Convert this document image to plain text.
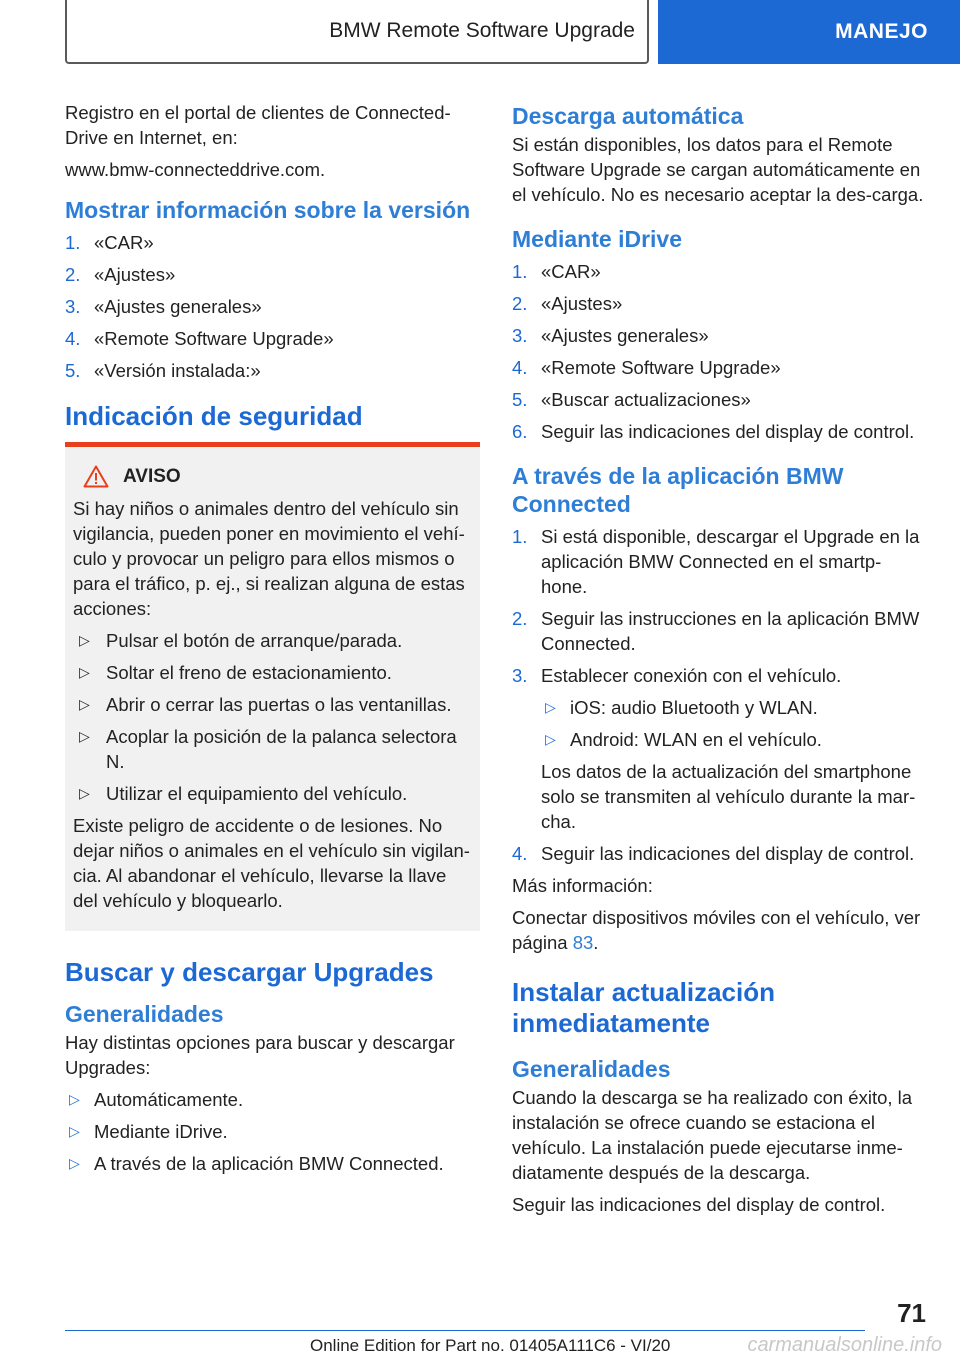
BMW Remote Software Upgrade	MANEJO

Registro en el portal de clientes de Connected-Drive en Internet, en:

www.bmw-connecteddrive.com.

Mostrar información sobre la versión
1. «CAR»
2. «Ajustes»
3. «Ajustes generales»
4. «Remote Software Upgrade»
5. «Versión instalada:»
Indicación de seguridad
AVISO

Si hay niños o animales dentro del vehículo sin vigilancia, pueden poner en movimiento el vehí-culo y provocar un peligro para ellos mismos o para el tráfico, p. ej., si realizan alguna de estas acciones:

▷ Pulsar el botón de arranque/parada.
▷ Soltar el freno de estacionamiento.
▷ Abrir o cerrar las puertas o las ventanillas.
▷ Acoplar la posición de la palanca selectora N.
▷ Utilizar el equipamiento del vehículo.

Existe peligro de accidente o de lesiones. No dejar niños o animales en el vehículo sin vigilan-cia. Al abandonar el vehículo, llevarse la llave del vehículo y bloquearlo.

Buscar y descargar Upgrades
Generalidades

Hay distintas opciones para buscar y descargar Upgrades:

▷ Automáticamente.
▷ Mediante iDrive.
▷ A través de la aplicación BMW Connected.
Descarga automática

Si están disponibles, los datos para el Remote Software Upgrade se cargan automáticamente en el vehículo. No es necesario aceptar la des-carga.

Mediante iDrive
1. «CAR»
2. «Ajustes»
3. «Ajustes generales»
4. «Remote Software Upgrade»
5. «Buscar actualizaciones»
6. Seguir las indicaciones del display de control.
A través de la aplicación BMW Connected
1. Si está disponible, descargar el Upgrade en la aplicación BMW Connected en el smartp-hone.
2. Seguir las instrucciones en la aplicación BMW Connected.
3. Establecer conexión con el vehículo.
▷ iOS: audio Bluetooth y WLAN.
▷ Android: WLAN en el vehículo.

Los datos de la actualización del smartphone solo se transmiten al vehículo durante la mar-cha.

4. Seguir las indicaciones del display de control.

Más información:

Conectar dispositivos móviles con el vehículo, ver página 83.

Instalar actualización inmediatamente
Generalidades

Cuando la descarga se ha realizado con éxito, la instalación se ofrece cuando se estaciona el vehículo. La instalación puede ejecutarse inme-diatamente después de la descarga.

Seguir las indicaciones del display de control.

71
Online Edition for Part no. 01405A111C6 - VI/20	carmanualsonline.info
